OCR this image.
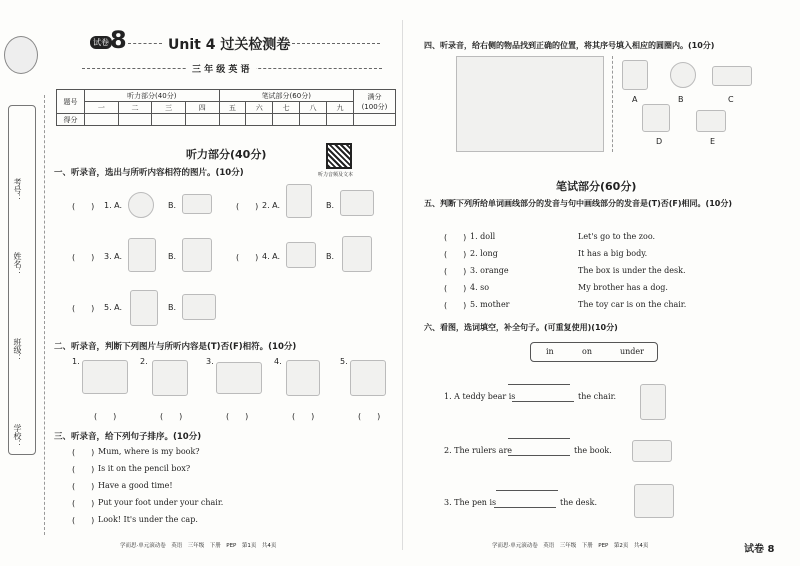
考号：
姓名：
班级：
学校：
试卷 8	Unit 4 过关检测卷
三 年 级 英 语
题号	听力部分(40分)				笔试部分(60分)					满分
(100分)

	一	二	三	四	五	六	七	八	九	
得分										
听力部分(40分)
听力音频及文本
一、听录音，选出与所听内容相符的图片。(10分)
(　　) 1. A.	B.	(　　) 2. A.	B.
(　　) 3. A.	B.	(　　) 4. A.	B.
(　　) 5. A.	B.
二、听录音，判断下列图片与所听内容是(T)否(F)相符。(10分)
1.	2.	3.	4.	5.
(　　)	(　　)	(　　)	(　　)	(　　)
三、听录音，给下列句子排序。(10分)
(　　) Mum, where is my book?
(　　) Is it on the pencil box?
(　　) Have a good time!
(　　) Put your foot under your chair.
(　　) Look! It's under the cap.
学而思·单元滚动卷　英语　三年级　下册　PEP　第1页　共4页
四、听录音，给右侧的物品找到正确的位置，将其序号填入相应的圆圈内。(10分)
A	B	C
D	E
笔试部分(60分)
五、判断下列所给单词画线部分的发音与句中画线部分的发音是(T)否(F)相同。(10分)
(　　) 1. doll	Let's go to the zoo.
(　　) 2. long	It has a big body.
(　　) 3. orange	The box is under the desk.
(　　) 4. so	My brother has a dog.
(　　) 5. mother	The toy car is on the chair.
六、看图，选词填空，补全句子。(可重复使用)(10分)
in	on	under
1. A teddy bear is	the chair.
2. The rulers are	the book.
3. The pen is	the desk.
学而思·单元滚动卷　英语　三年级　下册　PEP　第2页　共4页	试卷 8
